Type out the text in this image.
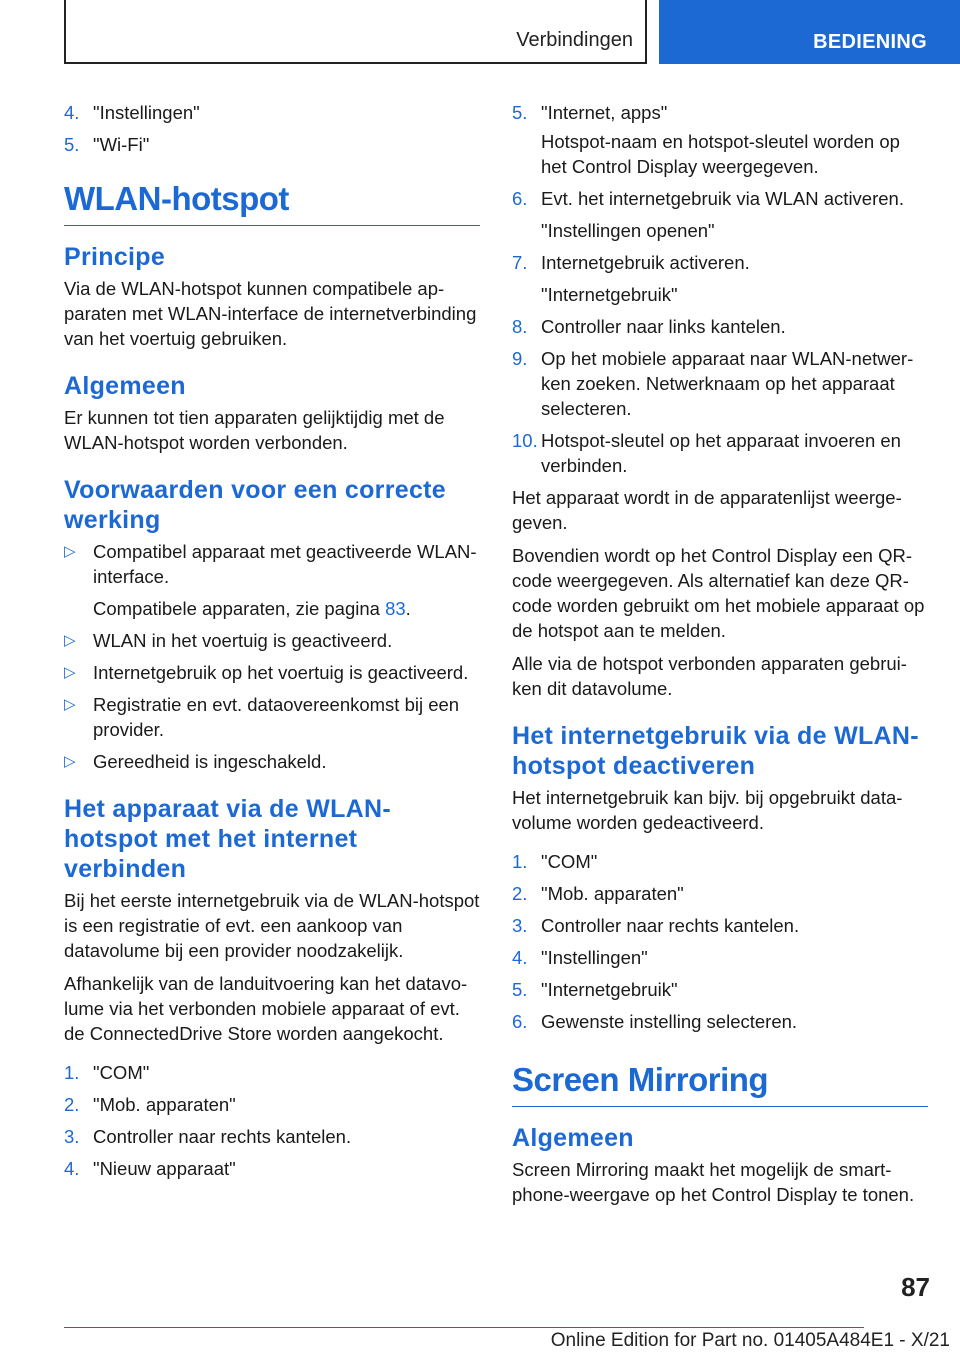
Verbindingen	BEDIENING
4. "Instellingen"
5. "Wi-Fi"
WLAN-hotspot
Principe

Via de WLAN-hotspot kunnen compatibele apparaten met WLAN-interface de internetverbinding van het voertuig gebruiken.

Algemeen

Er kunnen tot tien apparaten gelijktijdig met de WLAN-hotspot worden verbonden.

Voorwaarden voor een correcte werking
▷ Compatibel apparaat met geactiveerde WLAN-interface.
Compatibele apparaten, zie pagina 83.
▷ WLAN in het voertuig is geactiveerd.
▷ Internetgebruik op het voertuig is geactiveerd.
▷ Registratie en evt. dataovereenkomst bij een provider.
▷ Gereedheid is ingeschakeld.
Het apparaat via de WLAN-hotspot met het internet verbinden

Bij het eerste internetgebruik via de WLAN-hotspot is een registratie of evt. een aankoop van datavolume bij een provider noodzakelijk.

Afhankelijk van de landuitvoering kan het datavolume via het verbonden mobiele apparaat of evt. de ConnectedDrive Store worden aangekocht.

1. "COM"
2. "Mob. apparaten"
3. Controller naar rechts kantelen.
4. "Nieuw apparaat"
5. "Internet, apps"
Hotspot-naam en hotspot-sleutel worden op het Control Display weergegeven.
6. Evt. het internetgebruik via WLAN activeren.
"Instellingen openen"
7. Internetgebruik activeren.
"Internetgebruik"
8. Controller naar links kantelen.
9. Op het mobiele apparaat naar WLAN-netwerken zoeken. Netwerknaam op het apparaat selecteren.
10. Hotspot-sleutel op het apparaat invoeren en verbinden.

Het apparaat wordt in de apparatenlijst weergegeven.

Bovendien wordt op het Control Display een QR-code weergegeven. Als alternatief kan deze QR-code worden gebruikt om het mobiele apparaat op de hotspot aan te melden.

Alle via de hotspot verbonden apparaten gebruiken dit datavolume.

Het internetgebruik via de WLAN-hotspot deactiveren

Het internetgebruik kan bijv. bij opgebruikt datavolume worden gedeactiveerd.

1. "COM"
2. "Mob. apparaten"
3. Controller naar rechts kantelen.
4. "Instellingen"
5. "Internetgebruik"
6. Gewenste instelling selecteren.
Screen Mirroring
Algemeen

Screen Mirroring maakt het mogelijk de smartphone-weergave op het Control Display te tonen.

87
Online Edition for Part no. 01405A484E1 - X/21
